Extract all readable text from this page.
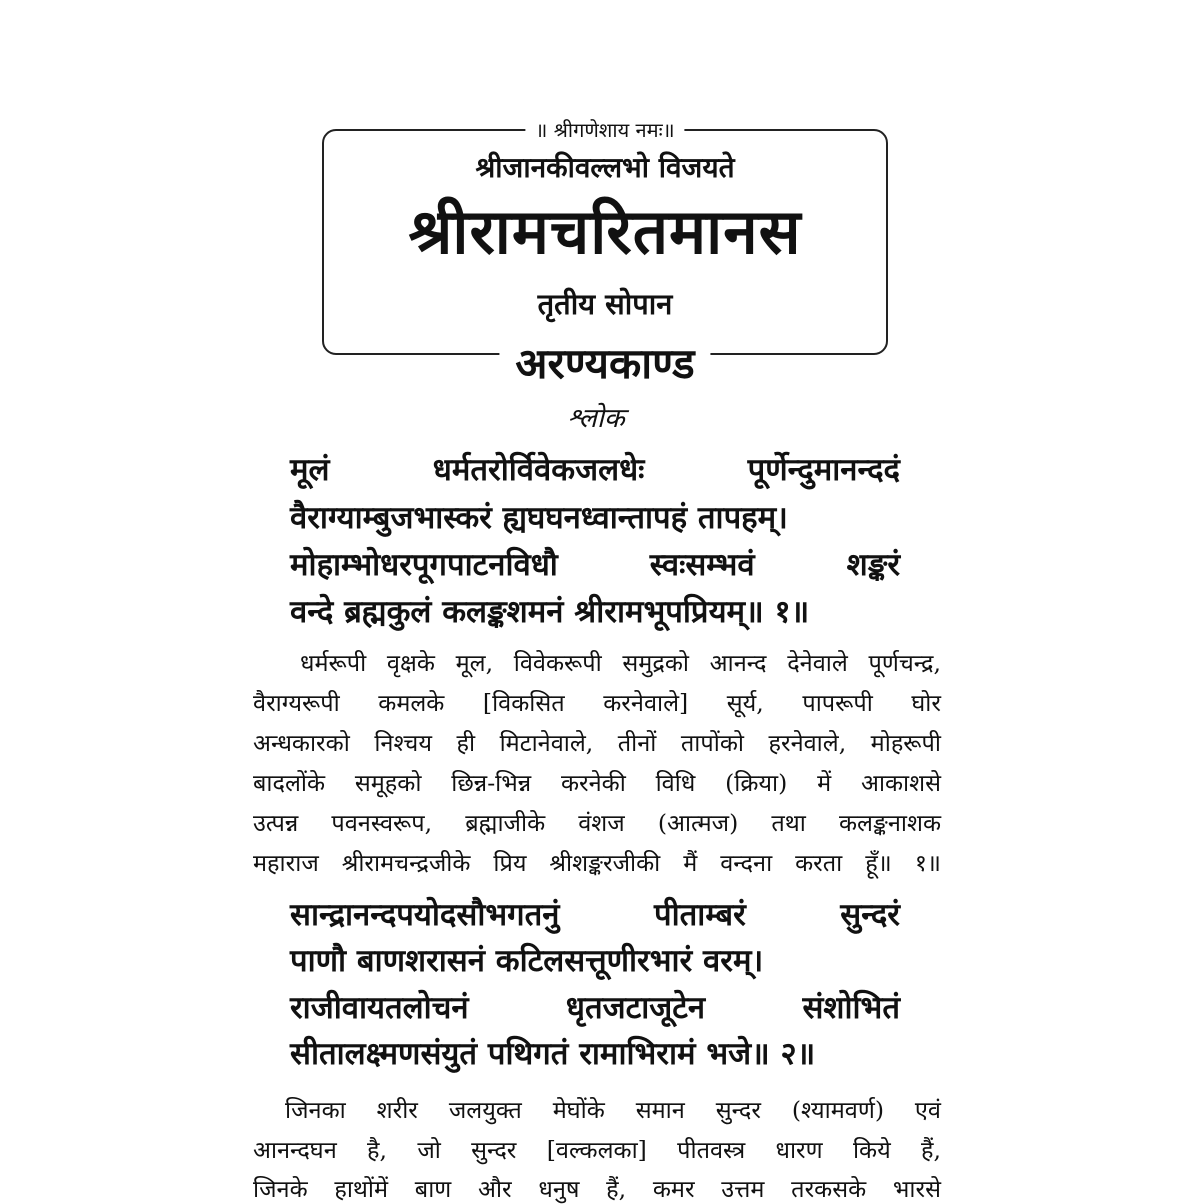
॥ श्रीगणेशाय नमः॥
श्रीजानकीवल्लभो विजयते
श्रीरामचरितमानस
तृतीय सोपान
अरण्यकाण्ड
श्लोक
मूलं धर्मतरोर्विवेकजलधेः पूर्णेन्दुमानन्ददं
वैराग्याम्बुजभास्करं ह्यघघनध्वान्तापहं तापहम्।
मोहाम्भोधरपूगपाटनविधौ स्वःसम्भवं शङ्करं
वन्दे ब्रह्मकुलं कलङ्कशमनं श्रीरामभूपप्रियम्॥ १॥
धर्मरूपी वृक्षके मूल, विवेकरूपी समुद्रको आनन्द देनेवाले पूर्णचन्द्र,
वैराग्यरूपी कमलके [विकसित करनेवाले] सूर्य, पापरूपी घोर
अन्धकारको निश्चय ही मिटानेवाले, तीनों तापोंको हरनेवाले, मोहरूपी
बादलोंके समूहको छिन्न-भिन्न करनेकी विधि (क्रिया) में आकाशसे
उत्पन्न पवनस्वरूप, ब्रह्माजीके वंशज (आत्मज) तथा कलङ्कनाशक
महाराज श्रीरामचन्द्रजीके प्रिय श्रीशङ्करजीकी मैं वन्दना करता हूँ॥ १॥
सान्द्रानन्दपयोदसौभगतनुं पीताम्बरं सुन्दरं
पाणौ बाणशरासनं कटिलसत्तूणीरभारं वरम्।
राजीवायतलोचनं धृतजटाजूटेन संशोभितं
सीतालक्ष्मणसंयुतं पथिगतं रामाभिरामं भजे॥ २॥
जिनका शरीर जलयुक्त मेघोंके समान सुन्दर (श्यामवर्ण) एवं
आनन्दघन है, जो सुन्दर [वल्कलका] पीतवस्त्र धारण किये हैं,
जिनके हाथोंमें बाण और धनुष हैं, कमर उत्तम तरकसके भारसे
